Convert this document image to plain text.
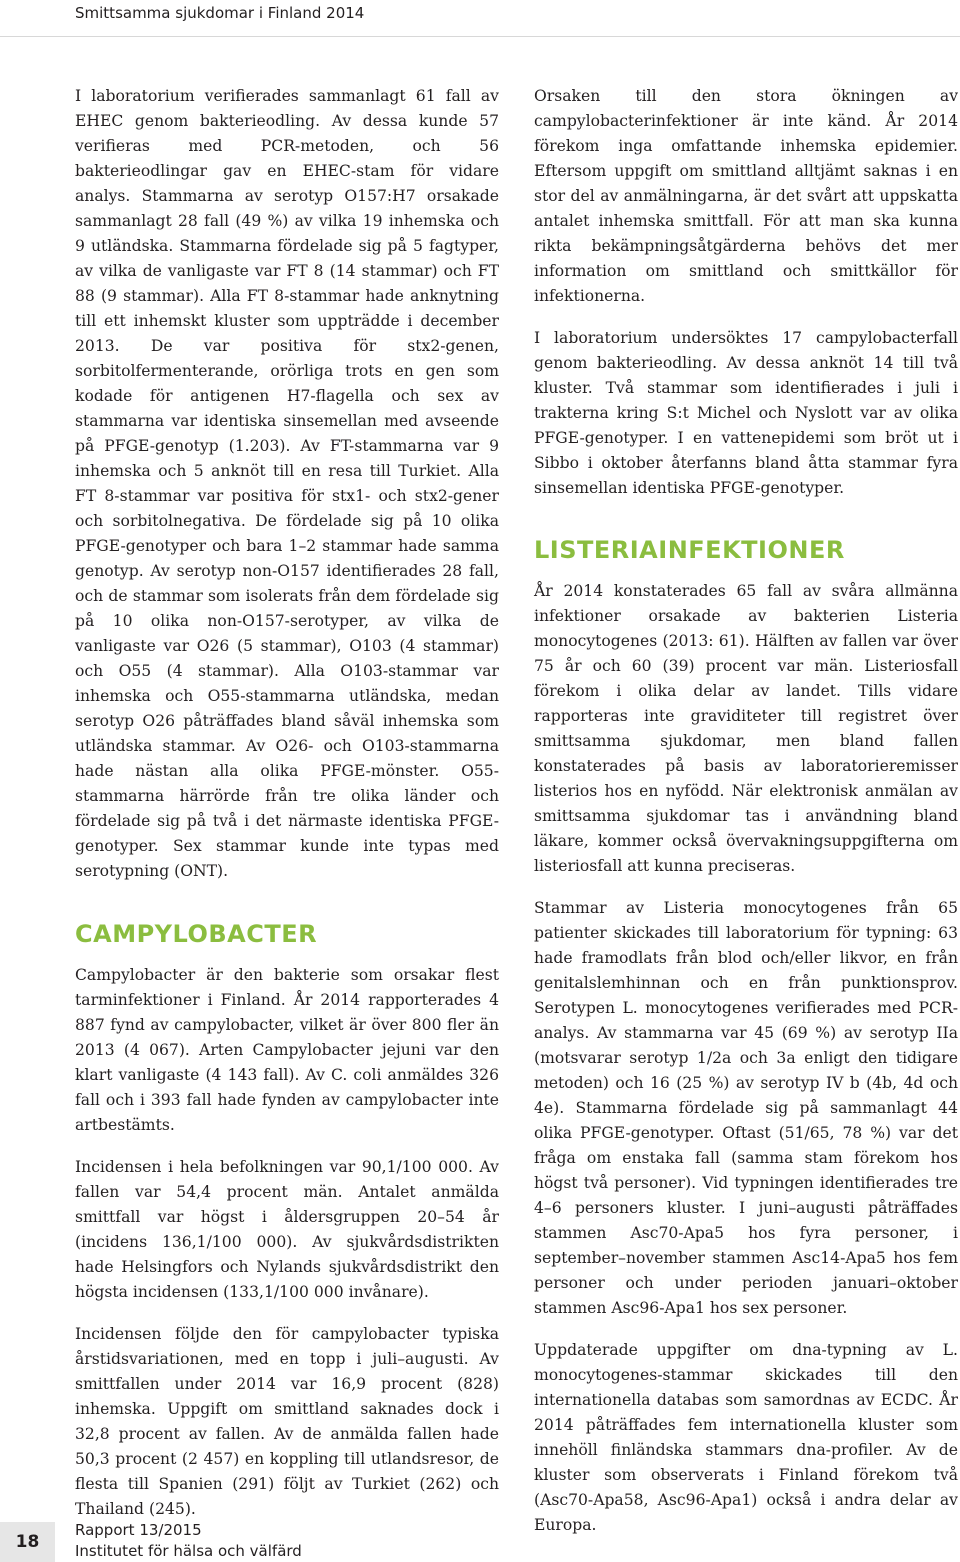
Smittsamma sjukdomar i Finland 2014

I laboratorium verifierades sammanlagt 61 fall av EHEC genom bakterieodling. Av dessa kunde 57 verifieras med PCR-metoden, och 56 bakterieodlingar gav en EHEC-stam för vidare analys. Stammarna av serotyp O157:H7 orsakade sammanlagt 28 fall (49 %) av vilka 19 inhemska och 9 utländska. Stammarna fördelade sig på 5 fagtyper, av vilka de vanligaste var FT 8 (14 stammar) och FT 88 (9 stammar). Alla FT 8-stammar hade anknytning till ett inhemskt kluster som uppträdde i december 2013. De var positiva för stx2-genen, sorbitolfermenterande, orörliga trots en gen som kodade för antigenen H7-flagella och sex av stammarna var identiska sinsemellan med avseende på PFGE-genotyp (1.203). Av FT-stammarna var 9 inhemska och 5 anknöt till en resa till Turkiet. Alla FT 8-stammar var positiva för stx1- och stx2-gener och sorbitolnegativa. De fördelade sig på 10 olika PFGE-genotyper och bara 1–2 stammar hade samma genotyp. Av serotyp non-O157 identifierades 28 fall, och de stammar som isolerats från dem fördelade sig på 10 olika non-O157-serotyper, av vilka de vanligaste var O26 (5 stammar), O103 (4 stammar) och O55 (4 stammar). Alla O103-stammar var inhemska och O55-stammarna utländska, medan serotyp O26 påträffades bland såväl inhemska som utländska stammar. Av O26- och O103-stammarna hade nästan alla olika PFGE-mönster. O55-stammarna härrörde från tre olika länder och fördelade sig på två i det närmaste identiska PFGE-genotyper. Sex stammar kunde inte typas med serotypning (ONT).

CAMPYLOBACTER

Campylobacter är den bakterie som orsakar flest tarminfektioner i Finland. År 2014 rapporterades 4 887 fynd av campylobacter, vilket är över 800 fler än 2013 (4 067). Arten Campylobacter jejuni var den klart vanligaste (4 143 fall). Av C. coli anmäldes 326 fall och i 393 fall hade fynden av campylobacter inte artbestämts.

Incidensen i hela befolkningen var 90,1/100 000. Av fallen var 54,4 procent män. Antalet anmälda smittfall var högst i åldersgruppen 20–54 år (incidens 136,1/100 000). Av sjukvårdsdistrikten hade Helsingfors och Nylands sjukvårdsdistrikt den högsta incidensen (133,1/100 000 invånare).

Incidensen följde den för campylobacter typiska årstidsvariationen, med en topp i juli–augusti. Av smittfallen under 2014 var 16,9 procent (828) inhemska. Uppgift om smittland saknades dock i 32,8 procent av fallen. Av de anmälda fallen hade 50,3 procent (2 457) en koppling till utlandsresor, de flesta till Spanien (291) följt av Turkiet (262) och Thailand (245).

Orsaken till den stora ökningen av campylobacterinfektioner är inte känd. År 2014 förekom inga omfattande inhemska epidemier. Eftersom uppgift om smittland alltjämt saknas i en stor del av anmälningarna, är det svårt att uppskatta antalet inhemska smittfall. För att man ska kunna rikta bekämpningsåtgärderna behövs det mer information om smittland och smittkällor för infektionerna.

I laboratorium undersöktes 17 campylobacterfall genom bakterieodling. Av dessa anknöt 14 till två kluster. Två stammar som identifierades i juli i trakterna kring S:t Michel och Nyslott var av olika PFGE-genotyper. I en vattenepidemi som bröt ut i Sibbo i oktober återfanns bland åtta stammar fyra sinsemellan identiska PFGE-genotyper.

LISTERIAINFEKTIONER

År 2014 konstaterades 65 fall av svåra allmänna infektioner orsakade av bakterien Listeria monocytogenes (2013: 61). Hälften av fallen var över 75 år och 60 (39) procent var män. Listeriosfall förekom i olika delar av landet. Tills vidare rapporteras inte graviditeter till registret över smittsamma sjukdomar, men bland fallen konstaterades på basis av laboratorieremisser listerios hos en nyfödd. När elektronisk anmälan av smittsamma sjukdomar tas i användning bland läkare, kommer också övervakningsuppgifterna om listeriosfall att kunna preciseras.

Stammar av Listeria monocytogenes från 65 patienter skickades till laboratorium för typning: 63 hade framodlats från blod och/eller likvor, en från genitalslemhinnan och en från punktionsprov. Serotypen L. monocytogenes verifierades med PCR-analys. Av stammarna var 45 (69 %) av serotyp IIa (motsvarar serotyp 1/2a och 3a enligt den tidigare metoden) och 16 (25 %) av serotyp IV b (4b, 4d och 4e). Stammarna fördelade sig på sammanlagt 44 olika PFGE-genotyper. Oftast (51/65, 78 %) var det fråga om enstaka fall (samma stam förekom hos högst två personer). Vid typningen identifierades tre 4–6 personers kluster. I juni–augusti påträffades stammen Asc70-Apa5 hos fyra personer, i september–november stammen Asc14-Apa5 hos fem personer och under perioden januari–oktober stammen Asc96-Apa1 hos sex personer.

Uppdaterade uppgifter om dna-typning av L. monocytogenes-stammar skickades till den internationella databas som samordnas av ECDC. År 2014 påträffades fem internationella kluster som innehöll finländska stammars dna-profiler. Av de kluster som observerats i Finland förekom två (Asc70-Apa58, Asc96-Apa1) också i andra delar av Europa.

18
Rapport 13/2015
Institutet för hälsa och välfärd
